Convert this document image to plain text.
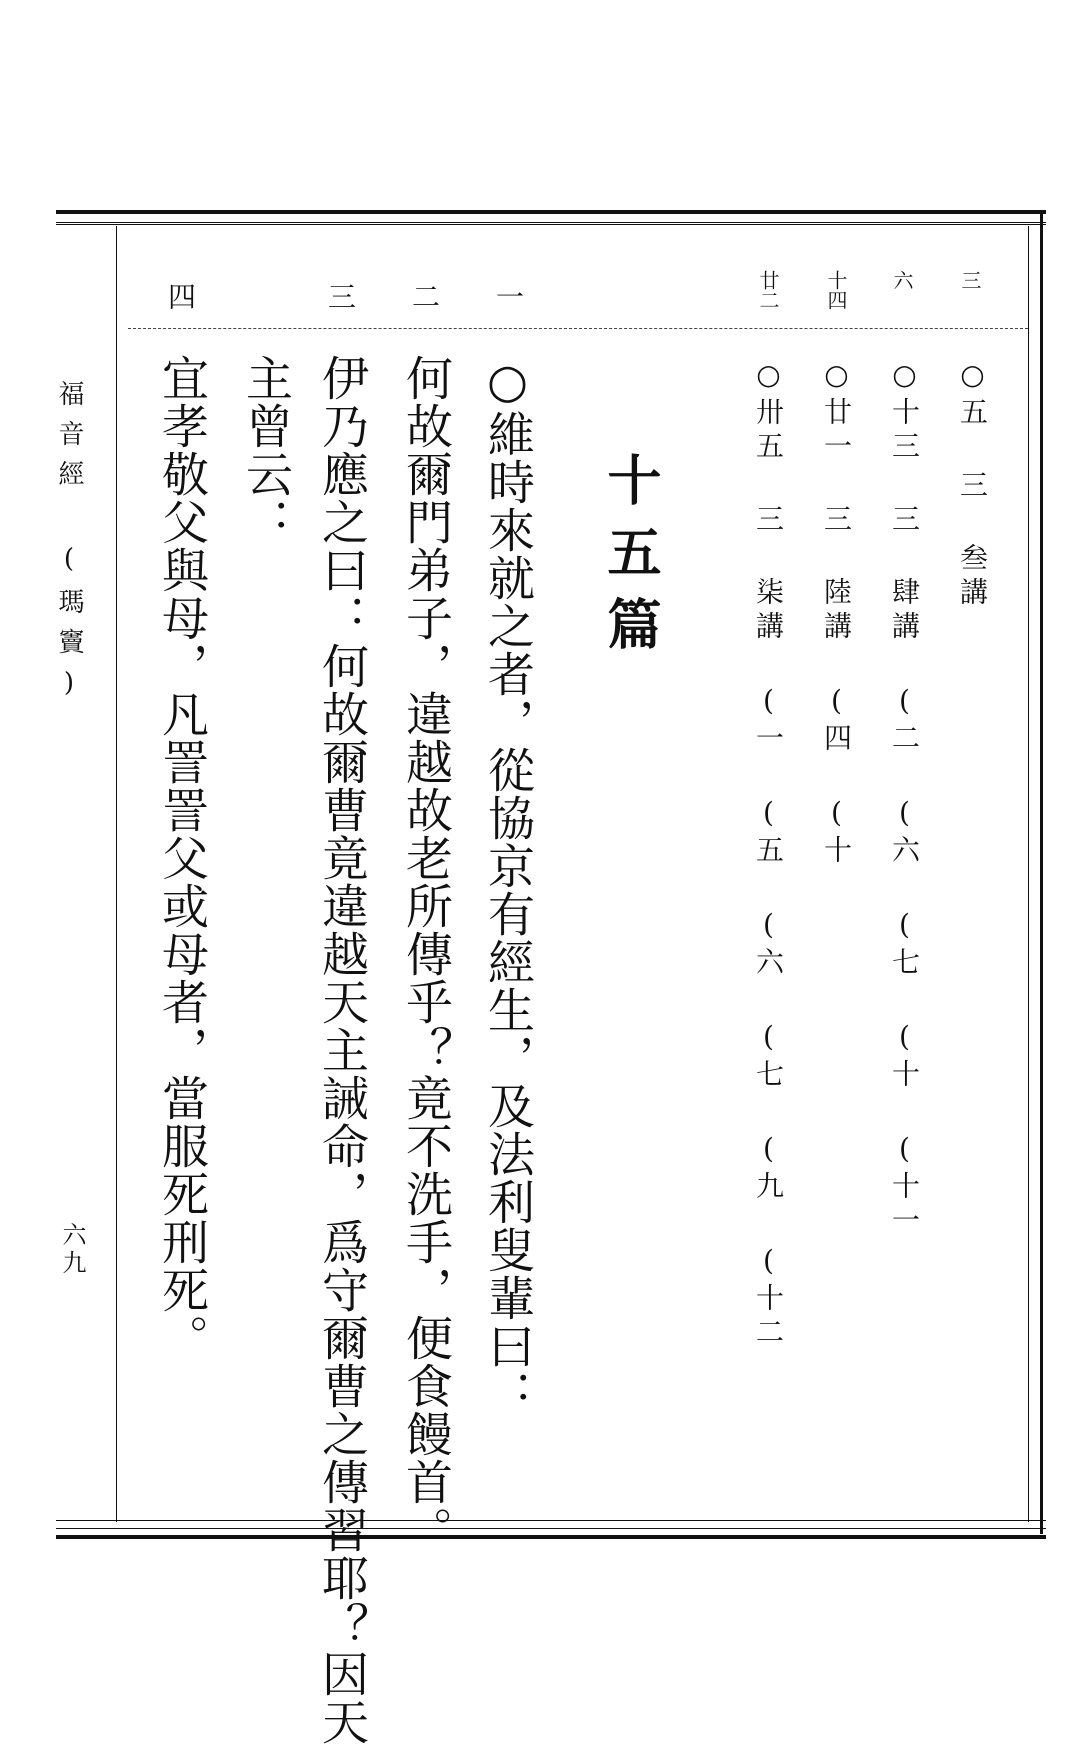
福音經 (瑪竇)
六九
三
○五 三 叁講
六
○十三 三 肆講 (二 (六 (七 (十 (十一
十四
○廿一 三 陸講 (四 (十
廿二
○卅五 三 柒講 (一 (五 (六 (七 (九 (十二
十五篇
一
○維時來就之者，從協京有經生，及法利叟輩曰：
二
何故爾門弟子，違越故老所傳乎？竟不洗手，便食饅首。
三
伊乃應之曰：何故爾曹竟違越天主誡命，爲守爾曹之傳習耶？因天
主曾云：
四
宜孝敬父與母，凡詈詈父或母者，當服死刑死。
